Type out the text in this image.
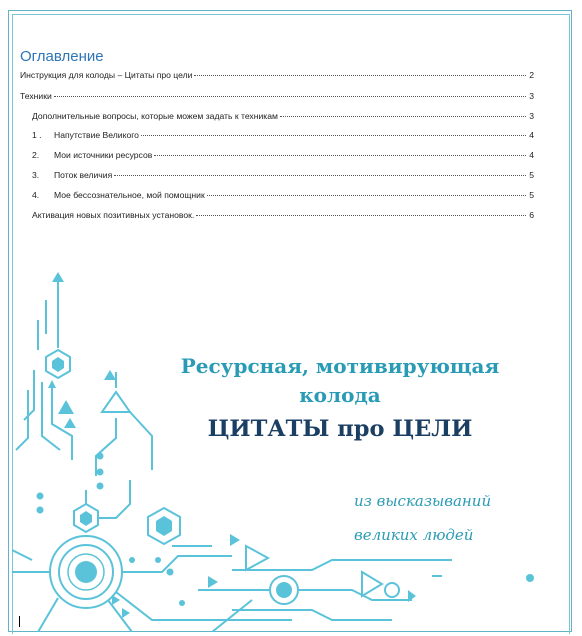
Оглавление
Инструкция для колоды – Цитаты про цели	2
Техники	3
Дополнительные вопросы, которые можем задать к техникам	3
1 .	Напутствие Великого	4
2.	Мои источники ресурсов	4
3.	Поток величия	5
4.	Мое бессознательное, мой помощник	5
Активация новых позитивных установок.	6
Ресурсная, мотивирующая
колода
ЦИТАТЫ про ЦЕЛИ
из высказываний
великих людей
